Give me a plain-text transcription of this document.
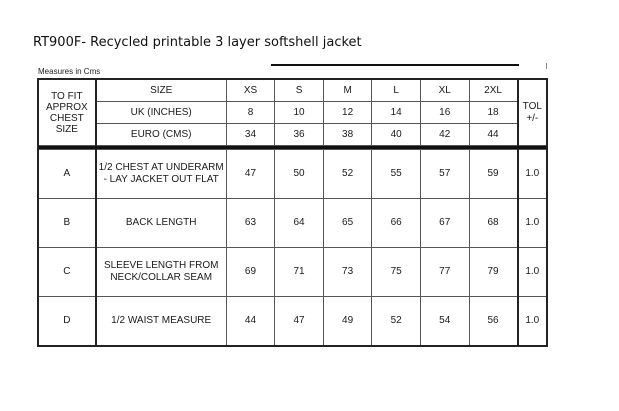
RT900F- Recycled printable 3 layer softshell jacket
Measures in Cms
TO FIT APPROX CHEST SIZE	SIZE	XS	S	M	L	XL	2XL	TOL +/-
	UK (INCHES)	8	10	12	14	16	18	
	EURO (CMS)	34	36	38	40	42	44	

A	1/2 CHEST AT UNDERARM - LAY JACKET OUT FLAT	47	50	52	55	57	59	1.0
B	BACK LENGTH	63	64	65	66	67	68	1.0
C	SLEEVE LENGTH FROM NECK/COLLAR SEAM	69	71	73	75	77	79	1.0
D	1/2 WAIST MEASURE	44	47	49	52	54	56	1.0
